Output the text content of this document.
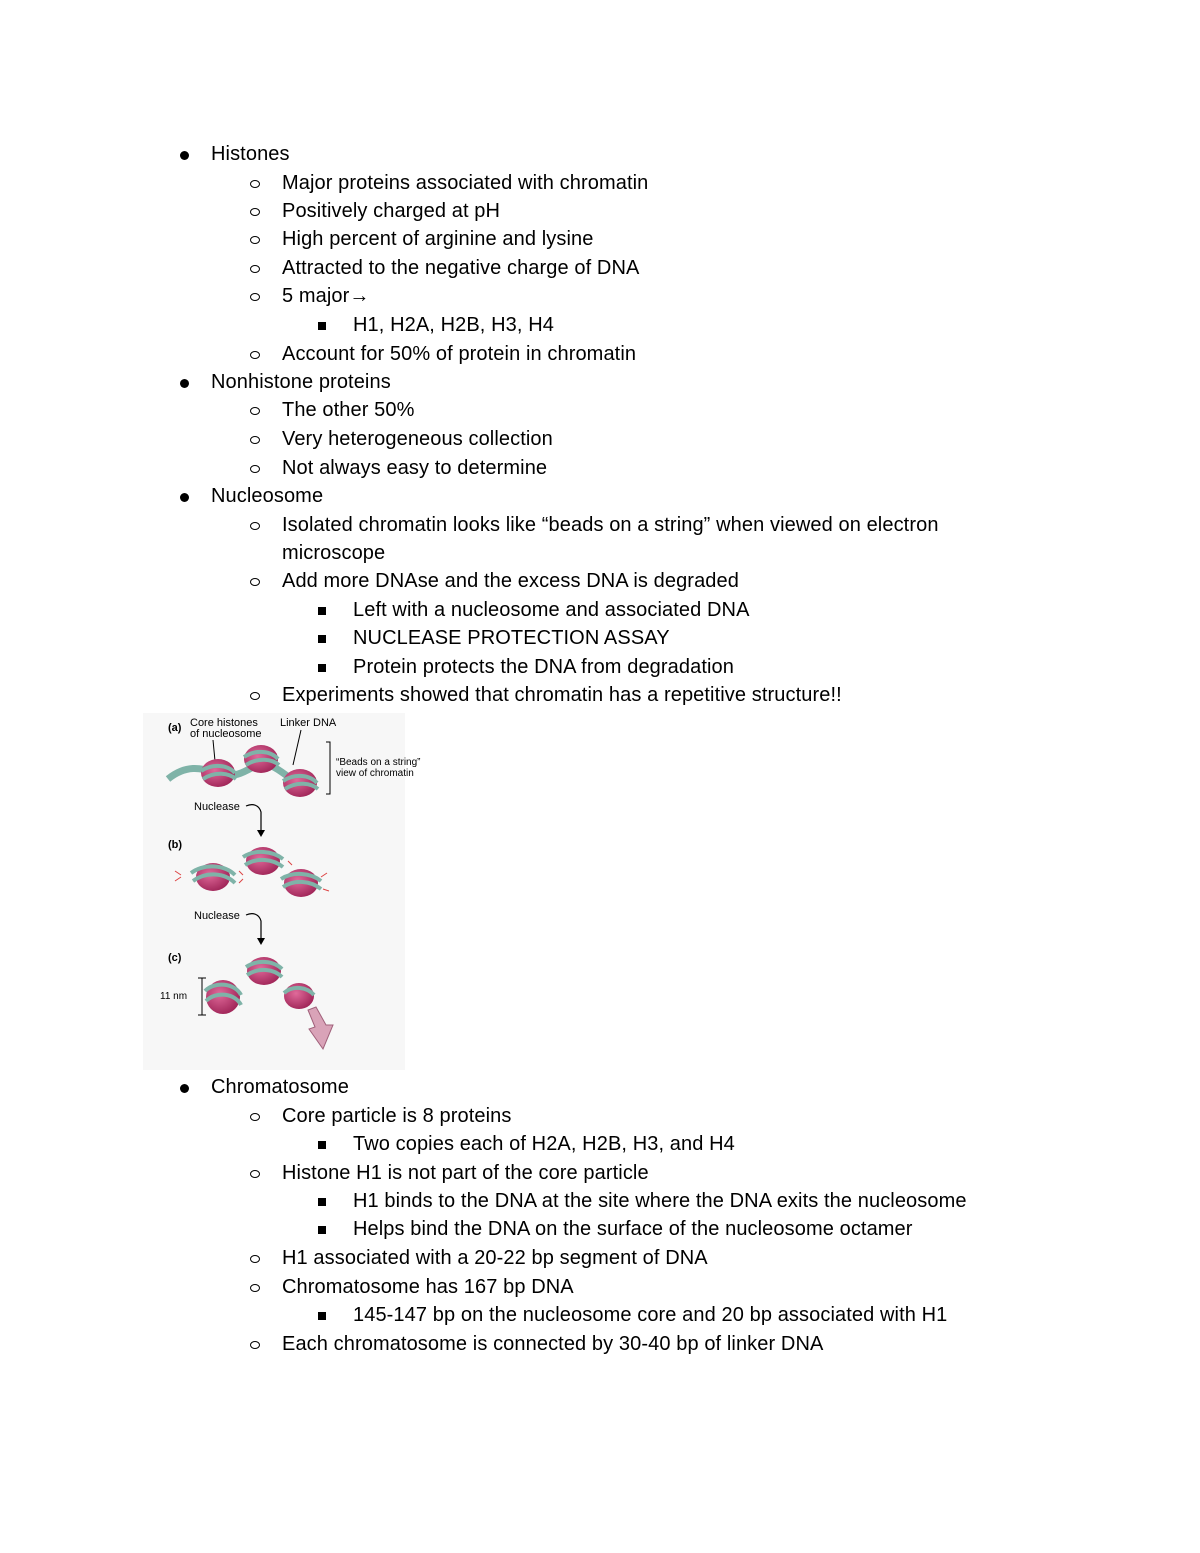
Histones
Major proteins associated with chromatin
Positively charged at pH
High percent of arginine and lysine
Attracted to the negative charge of DNA
5 major→
H1, H2A, H2B, H3, H4
Account for 50% of protein in chromatin
Nonhistone proteins
The other 50%
Very heterogeneous collection
Not always easy to determine
Nucleosome
Isolated chromatin looks like “beads on a string” when viewed on electron
microscope
Add more DNAse and the excess DNA is degraded
Left with a nucleosome and associated DNA
NUCLEASE PROTECTION ASSAY
Protein protects the DNA from degradation
Experiments showed that chromatin has a repetitive structure!!
(a) Core histones
of nucleosome
Linker DNA
“Beads on a string”
view of chromatin
Nuclease
(b)
Nuclease
(c)
11 nm
Chromatosome
Core particle is 8 proteins
Two copies each of H2A, H2B, H3, and H4
Histone H1 is not part of the core particle
H1 binds to the DNA at the site where the DNA exits the nucleosome
Helps bind the DNA on the surface of the nucleosome octamer
H1 associated with a 20-22 bp segment of DNA
Chromatosome has 167 bp DNA
145-147 bp on the nucleosome core and 20 bp associated with H1
Each chromatosome is connected by 30-40 bp of linker DNA
